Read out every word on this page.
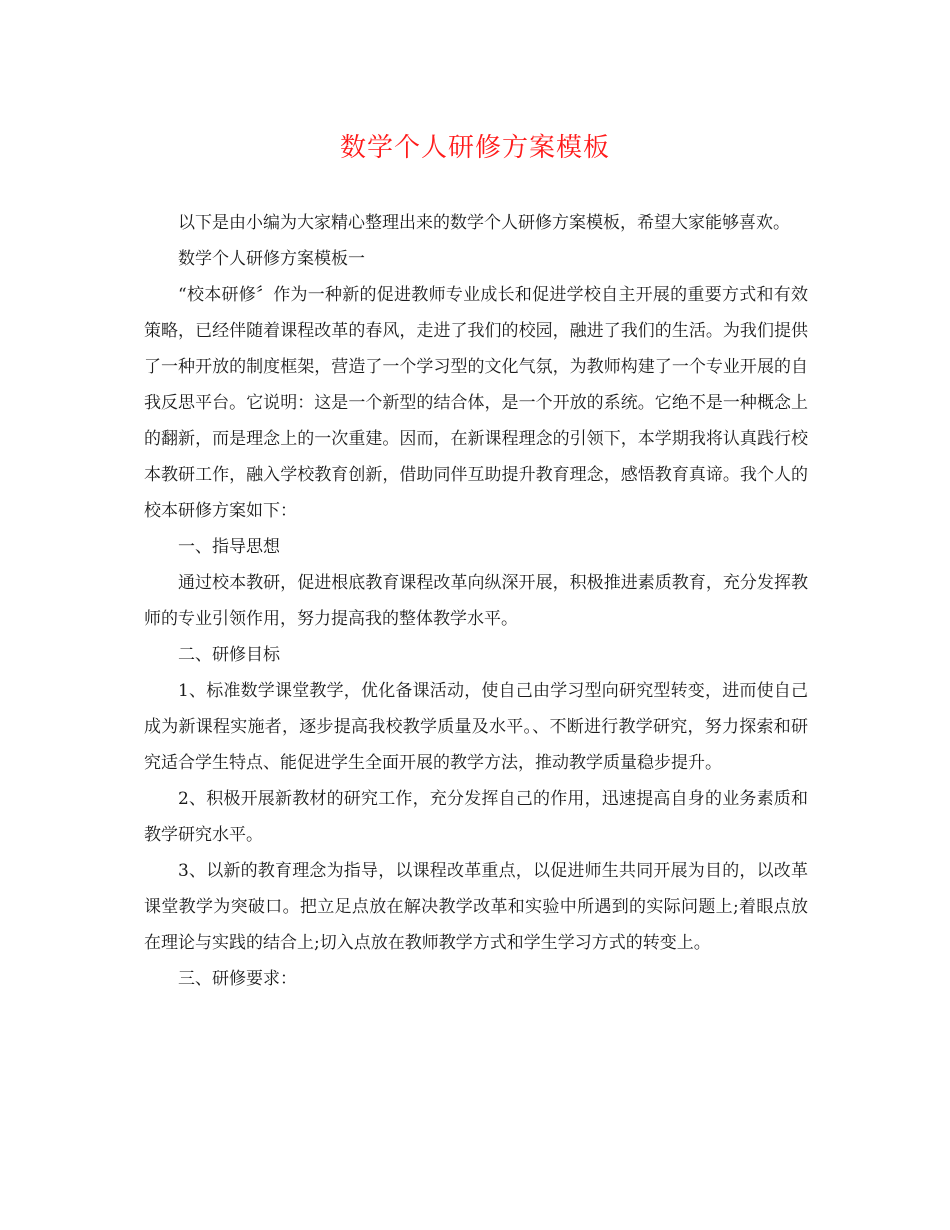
数学个人研修方案模板

以下是由小编为大家精心整理出来的数学个人研修方案模板，希望大家能够喜欢。

数学个人研修方案模板一

“校本研修〞作为一种新的促进教师专业成长和促进学校自主开展的重要方式和有效策略，已经伴随着课程改革的春风，走进了我们的校园，融进了我们的生活。为我们提供了一种开放的制度框架，营造了一个学习型的文化气氛，为教师构建了一个专业开展的自我反思平台。它说明：这是一个新型的结合体，是一个开放的系统。它绝不是一种概念上的翻新，而是理念上的一次重建。因而，在新课程理念的引领下，本学期我将认真践行校本教研工作，融入学校教育创新，借助同伴互助提升教育理念，感悟教育真谛。我个人的校本研修方案如下：

一、指导思想

通过校本教研，促进根底教育课程改革向纵深开展，积极推进素质教育，充分发挥教师的专业引领作用，努力提高我的整体教学水平。

二、研修目标

1、标准数学课堂教学，优化备课活动，使自己由学习型向研究型转变，进而使自己成为新课程实施者，逐步提高我校教学质量及水平。、不断进行教学研究，努力探索和研究适合学生特点、能促进学生全面开展的教学方法，推动教学质量稳步提升。

2、积极开展新教材的研究工作，充分发挥自己的作用，迅速提高自身的业务素质和教学研究水平。

3、以新的教育理念为指导，以课程改革重点，以促进师生共同开展为目的，以改革课堂教学为突破口。把立足点放在解决教学改革和实验中所遇到的实际问题上;着眼点放在理论与实践的结合上;切入点放在教师教学方式和学生学习方式的转变上。

三、研修要求：
